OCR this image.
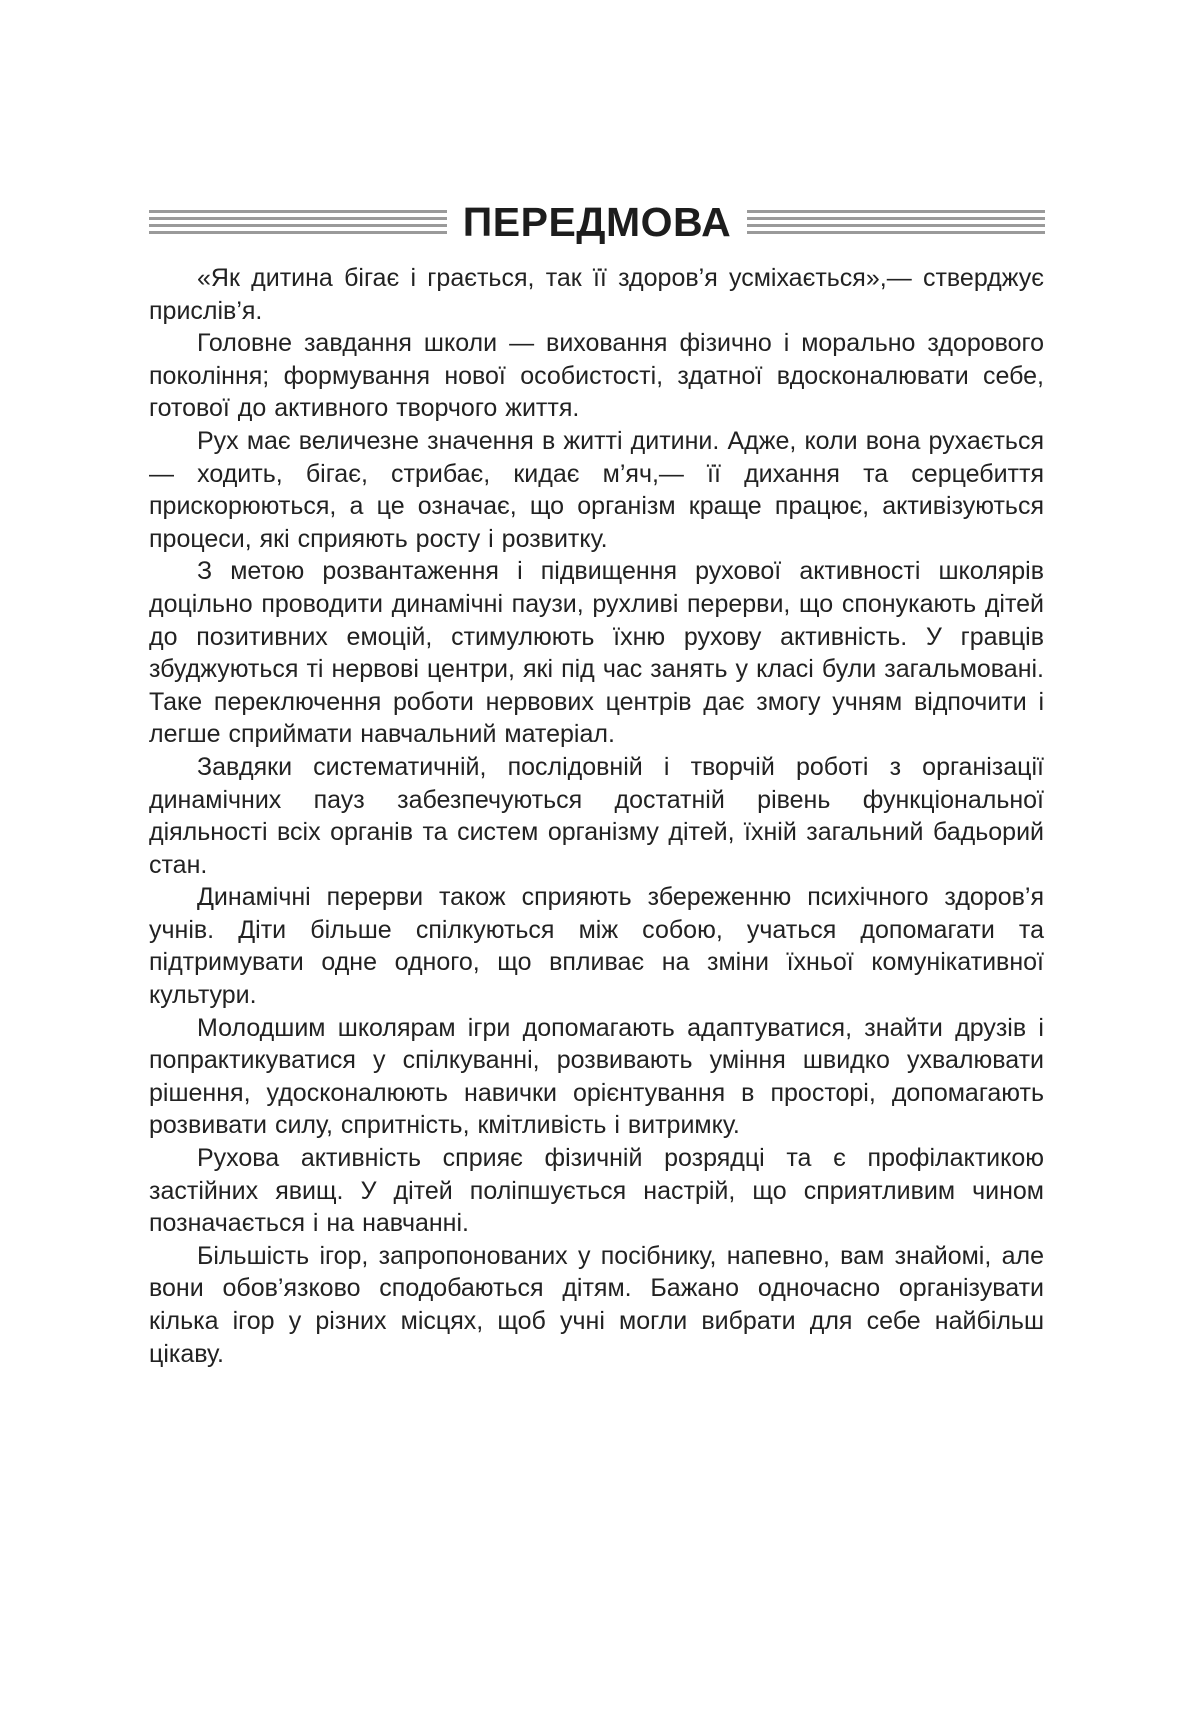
ПЕРЕДМОВА

«Як дитина бігає і грається, так її здоров’я усміхається»,— стверджує прислів’я.

Головне завдання школи — виховання фізично і морально здорового покоління; формування нової особистості, здатної вдосконалювати себе, готової до активного творчого життя.

Рух має величезне значення в житті дитини. Адже, коли вона рухається — ходить, бігає, стрибає, кидає м’яч,— її дихання та серцебиття прискорюються, а це означає, що організм краще працює, активізуються процеси, які сприяють росту і розвитку.

З метою розвантаження і підвищення рухової активності школярів доцільно проводити динамічні паузи, рухливі перерви, що спонукають дітей до позитивних емоцій, стимулюють їхню рухову активність. У гравців збуджуються ті нервові центри, які під час занять у класі були загальмовані. Таке переключення роботи нервових центрів дає змогу учням відпочити і легше сприймати навчальний матеріал.

Завдяки систематичній, послідовній і творчій роботі з організації динамічних пауз забезпечуються достатній рівень функціональної діяльності всіх органів та систем організму дітей, їхній загальний бадьорий стан.

Динамічні перерви також сприяють збереженню психічного здоров’я учнів. Діти більше спілкуються між собою, учаться допомагати та підтримувати одне одного, що впливає на зміни їхньої комунікативної культури.

Молодшим школярам ігри допомагають адаптуватися, знайти друзів і попрактикуватися у спілкуванні, розвивають уміння швидко ухвалювати рішення, удосконалюють навички орієнтування в просторі, допомагають розвивати силу, спритність, кмітливість і витримку.

Рухова активність сприяє фізичній розрядці та є профілактикою застійних явищ. У дітей поліпшується настрій, що сприятливим чином позначається і на навчанні.

Більшість ігор, запропонованих у посібнику, напевно, вам знайомі, але вони обов’язково сподобаються дітям. Бажано одночасно організувати кілька ігор у різних місцях, щоб учні могли вибрати для себе найбільш цікаву.
